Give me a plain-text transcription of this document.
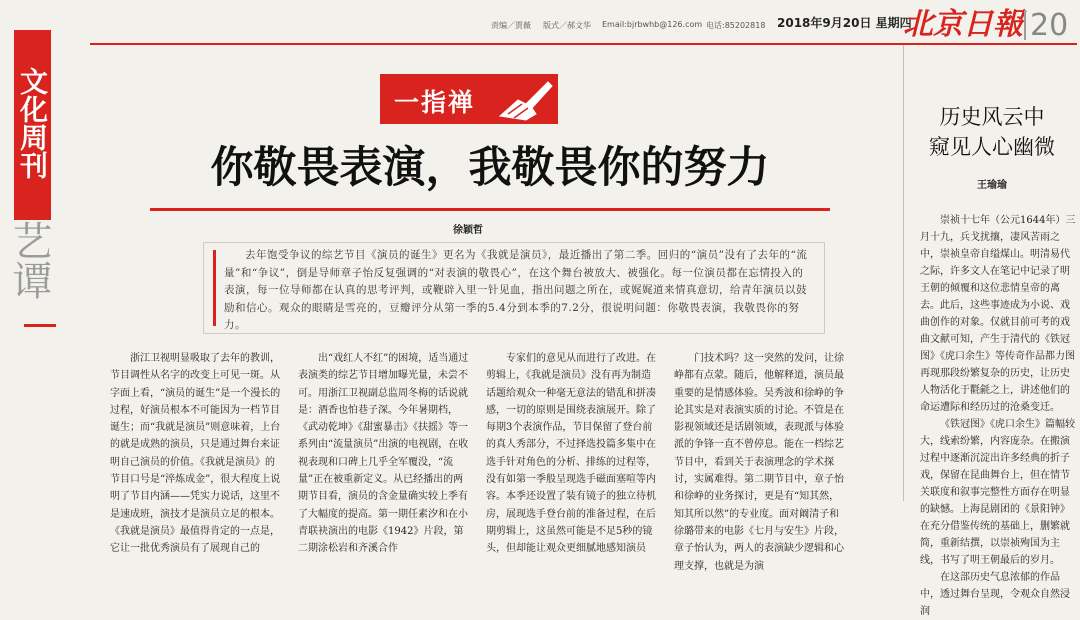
文化周刊
艺谭
责编／贾薇 版式／郝文华 Email:bjrbwhb@126.com 电话:85202818 2018年9月20日 星期四
北京日報 20
一指禅
你敬畏表演，我敬畏你的努力
徐颖哲
去年饱受争议的综艺节目《演员的诞生》更名为《我就是演员》，最近播出了第二季。回归的“演员”没有了去年的“流量”和“争议”，倒是导师章子怡反复强调的“对表演的敬畏心”，在这个舞台被放大、被强化。每一位演员都在忘情投入的表演，每一位导师都在认真的思考评判，或鞭辟入里一针见血，指出问题之所在，或娓娓道来情真意切，给青年演员以鼓励和信心。观众的眼睛是雪亮的，豆瓣评分从第一季的5.4分到本季的7.2分，很说明问题：你敬畏表演，我敬畏你的努力。

浙江卫视明显吸取了去年的教训，节目调性从名字的改变上可见一斑。从字面上看，“演员的诞生”是一个漫长的过程，好演员根本不可能因为一档节目诞生；而“我就是演员”则意味着，上台的就是成熟的演员，只是通过舞台来证明自己演员的价值。《我就是演员》的节目口号是“淬炼成金”，很大程度上说明了节目内涵——凭实力说话，这里不是速成班，演技才是演员立足的根本。《我就是演员》最值得肯定的一点是，它让一批优秀演员有了展现自己的

出“戏红人不红”的困境，适当通过表演类的综艺节目增加曝光量，未尝不可。用浙江卫视副总监周冬梅的话说就是：酒香也怕巷子深。今年暑期档，《武动乾坤》《甜蜜暴击》《扶摇》等一系列由“流量演员”出演的电视剧，在收视表现和口碑上几乎全军覆没，“流量”正在被重新定义。从已经播出的两期节目看，演员的含金量确实较上季有了大幅度的提高。第一期任素汐和在小青联袂演出的电影《1942》片段，第二期涂松岩和齐溪合作

专家们的意见从而进行了改进。在剪辑上，《我就是演员》没有再为制造话题给观众一种毫无意法的错乱和拼凑感，一切的原则是围绕表演展开。除了每期3个表演作品，节目保留了登台前的真人秀部分，不过择选投篇多集中在选手针对角色的分析、排练的过程等，没有如第一季般呈现选手磁面塞喧等内容。本季还设置了装有镜子的独立待机房，展现选手登台前的准备过程，在后期剪辑上，这虽然可能是不足5秒的镜头，但却能让观众更细腻地感知演员

门技术吗？这一突然的发问，让徐峥都有点蒙。随后，他解释道，演员最重要的是情感体验。吴秀波和徐峥的争论其实是对表演实质的讨论。不管是在影视领域还是话剧领域，表现派与体验派的争锋一直不曾停息。能在一档综艺节目中，看到关于表演理念的学术探讨，实属难得。第二期节目中，章子怡和徐峥的业务探讨，更是有“知其然，知其所以然”的专业度。面对阚清子和徐璐带来的电影《七月与安生》片段，章子怡认为，两人的表演缺少逻辑和心理支撑，也就是为演

历史风云中
窥见人心幽微
王瑜瑜

崇祯十七年（公元1644年）三月十九，兵戈扰攘，凄风苦雨之中，崇祯皇帝自缢煤山。明清易代之际，许多文人在笔记中记录了明王朝的倾覆和这位悲情皇帝的离去。此后，这些事迹成为小说、戏曲创作的对象。仅就目前可考的戏曲文献可知，产生于清代的《铁冠图》《虎口余生》等传奇作品都力图再现那段纷繁复杂的历史，让历史人物活化于氍毹之上，讲述他们的命运遭际和经历过的沧桑变迁。

《铁冠图》《虎口余生》篇幅较大，线索纷繁，内容庞杂。在搬演过程中逐渐沉淀出许多经典的折子戏，保留在昆曲舞台上，但在情节关联度和叙事完整性方面存在明显的缺憾。上海昆剧团的《景阳钟》在充分借鉴传统的基础上，删繁就简，重新结撰，以崇祯殉国为主线，书写了明王朝最后的岁月。

在这部历史气息浓郁的作品中，透过舞台呈现，令观众自然浸润
